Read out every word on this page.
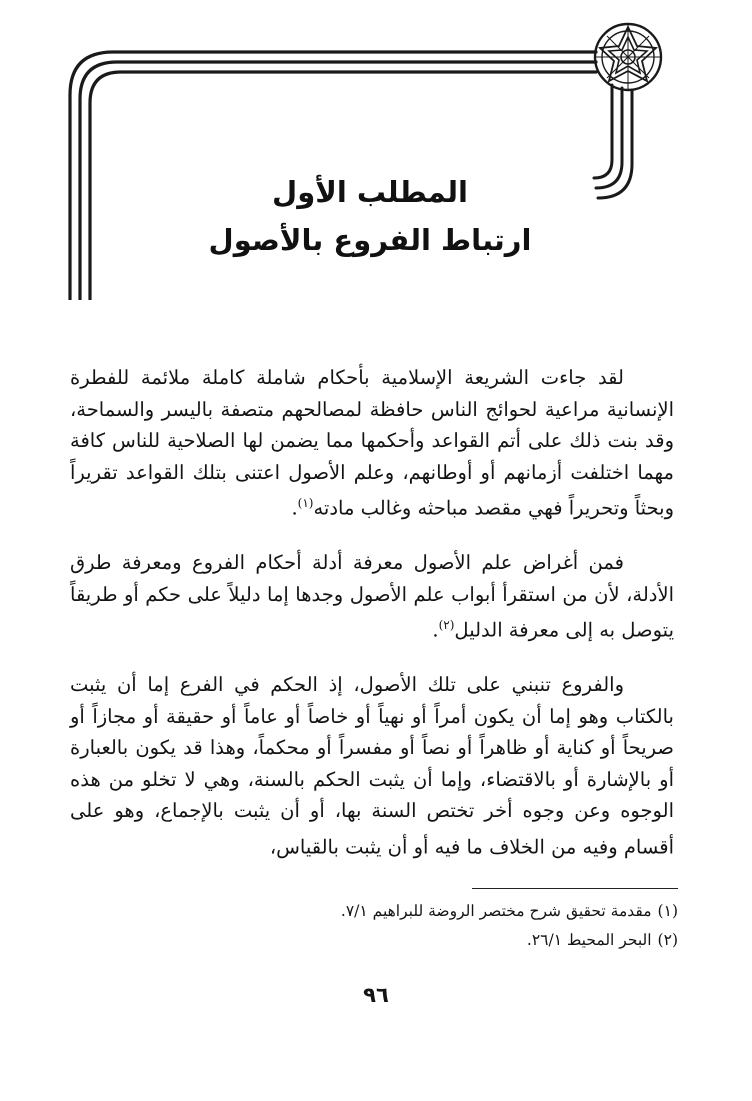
المطلب الأول
ارتباط الفروع بالأصول

لقد جاءت الشريعة الإسلامية بأحكام شاملة كاملة ملائمة للفطرة الإنسانية مراعية لحوائج الناس حافظة لمصالحهم متصفة باليسر والسماحة، وقد بنت ذلك على أتم القواعد وأحكمها مما يضمن لها الصلاحية للناس كافة مهما اختلفت أزمانهم أو أوطانهم، وعلم الأصول اعتنى بتلك القواعد تقريراً وبحثاً وتحريراً فهي مقصد مباحثه وغالب مادته$^{(١)}$.

فمن أغراض علم الأصول معرفة أدلة أحكام الفروع ومعرفة طرق الأدلة، لأن من استقرأ أبواب علم الأصول وجدها إما دليلاً على حكم أو طريقاً يتوصل به إلى معرفة الدليل$^{(٢)}$.

والفروع تنبني على تلك الأصول، إذ الحكم في الفرع إما أن يثبت بالكتاب وهو إما أن يكون أمراً أو نهياً أو خاصاً أو عاماً أو حقيقة أو مجازاً أو صريحاً أو كناية أو ظاهراً أو نصاً أو مفسراً أو محكماً، وهذا قد يكون بالعبارة أو بالإشارة أو بالاقتضاء، وإما أن يثبت الحكم بالسنة، وهي لا تخلو من هذه الوجوه وعن وجوه أخر تختص السنة بها، أو أن يثبت بالإجماع، وهو على أقسام وفيه من الخلاف ما فيه أو أن يثبت بالقياس،

(١)مقدمة تحقيق شرح مختصر الروضة للبراهيم ٧/١.
(٢)البحر المحيط ٢٦/١.
٩٦
